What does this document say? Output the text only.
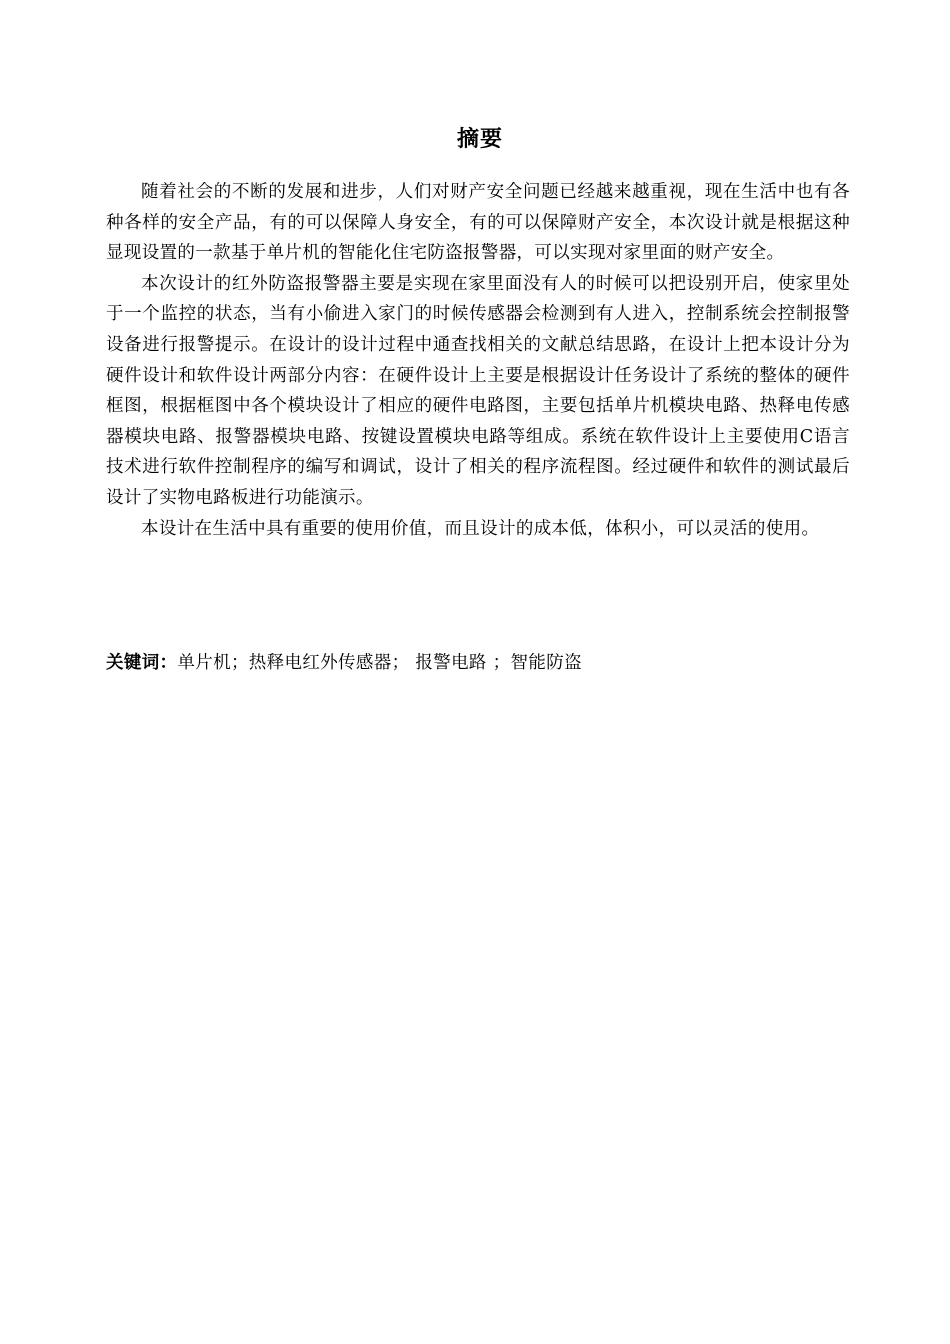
摘要

随着社会的不断的发展和进步，人们对财产安全问题已经越来越重视，现在生活中也有各种各样的安全产品，有的可以保障人身安全，有的可以保障财产安全，本次设计就是根据这种显现设置的一款基于单片机的智能化住宅防盗报警器，可以实现对家里面的财产安全。

本次设计的红外防盗报警器主要是实现在家里面没有人的时候可以把设别开启，使家里处于一个监控的状态，当有小偷进入家门的时候传感器会检测到有人进入，控制系统会控制报警设备进行报警提示。在设计的设计过程中通查找相关的文献总结思路，在设计上把本设计分为硬件设计和软件设计两部分内容：在硬件设计上主要是根据设计任务设计了系统的整体的硬件框图，根据框图中各个模块设计了相应的硬件电路图，主要包括单片机模块电路、热释电传感器模块电路、报警器模块电路、按键设置模块电路等组成。系统在软件设计上主要使用C语言技术进行软件控制程序的编写和调试，设计了相关的程序流程图。经过硬件和软件的测试最后设计了实物电路板进行功能演示。

本设计在生活中具有重要的使用价值，而且设计的成本低，体积小，可以灵活的使用。

关键词：单片机；热释电红外传感器； 报警电路 ；智能防盗
